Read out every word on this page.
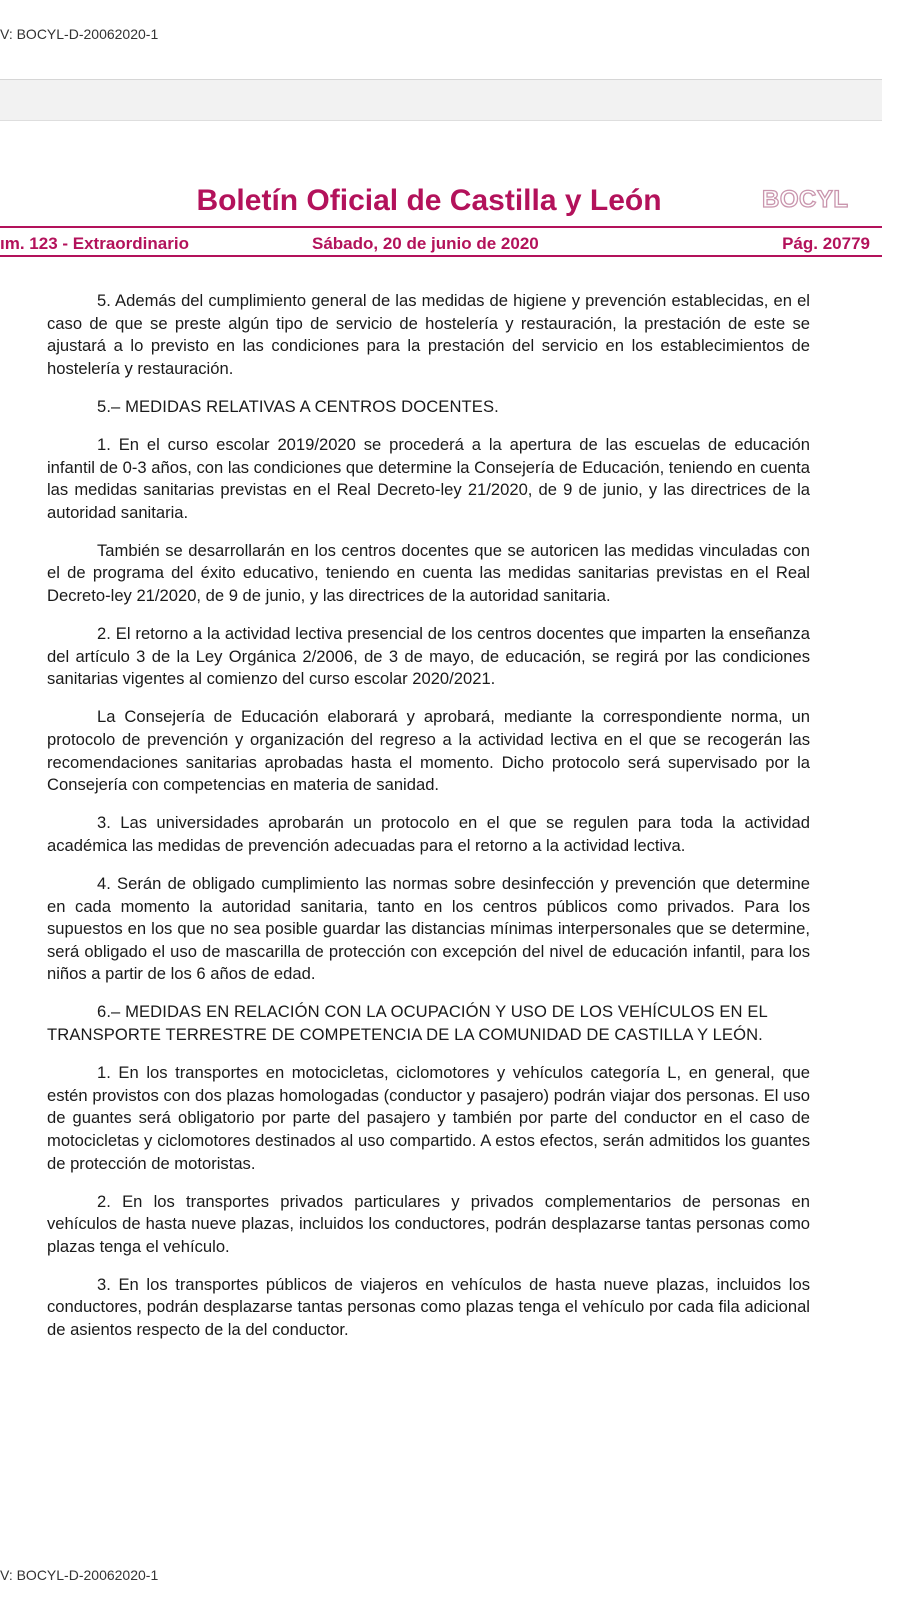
V: BOCYL-D-20062020-1
Boletín Oficial de Castilla y León	BOCYL
ım. 123 - Extraordinario	Sábado, 20 de junio de 2020	Pág. 20779

5. Además del cumplimiento general de las medidas de higiene y prevención establecidas, en el caso de que se preste algún tipo de servicio de hostelería y restauración, la prestación de este se ajustará a lo previsto en las condiciones para la prestación del servicio en los establecimientos de hostelería y restauración.

5.– MEDIDAS RELATIVAS A CENTROS DOCENTES.

1. En el curso escolar 2019/2020 se procederá a la apertura de las escuelas de educación infantil de 0-3 años, con las condiciones que determine la Consejería de Educación, teniendo en cuenta las medidas sanitarias previstas en el Real Decreto-ley 21/2020, de 9 de junio, y las directrices de la autoridad sanitaria.

También se desarrollarán en los centros docentes que se autoricen las medidas vinculadas con el de programa del éxito educativo, teniendo en cuenta las medidas sanitarias previstas en el Real Decreto-ley 21/2020, de 9 de junio, y las directrices de la autoridad sanitaria.

2. El retorno a la actividad lectiva presencial de los centros docentes que imparten la enseñanza del artículo 3 de la Ley Orgánica 2/2006, de 3 de mayo, de educación, se regirá por las condiciones sanitarias vigentes al comienzo del curso escolar 2020/2021.

La Consejería de Educación elaborará y aprobará, mediante la correspondiente norma, un protocolo de prevención y organización del regreso a la actividad lectiva en el que se recogerán las recomendaciones sanitarias aprobadas hasta el momento. Dicho protocolo será supervisado por la Consejería con competencias en materia de sanidad.

3. Las universidades aprobarán un protocolo en el que se regulen para toda la actividad académica las medidas de prevención adecuadas para el retorno a la actividad lectiva.

4. Serán de obligado cumplimiento las normas sobre desinfección y prevención que determine en cada momento la autoridad sanitaria, tanto en los centros públicos como privados. Para los supuestos en los que no sea posible guardar las distancias mínimas interpersonales que se determine, será obligado el uso de mascarilla de protección con excepción del nivel de educación infantil, para los niños a partir de los 6 años de edad.

6.– MEDIDAS EN RELACIÓN CON LA OCUPACIÓN Y USO DE LOS VEHÍCULOS EN EL TRANSPORTE TERRESTRE DE COMPETENCIA DE LA COMUNIDAD DE CASTILLA Y LEÓN.

1. En los transportes en motocicletas, ciclomotores y vehículos categoría L, en general, que estén provistos con dos plazas homologadas (conductor y pasajero) podrán viajar dos personas. El uso de guantes será obligatorio por parte del pasajero y también por parte del conductor en el caso de motocicletas y ciclomotores destinados al uso compartido. A estos efectos, serán admitidos los guantes de protección de motoristas.

2. En los transportes privados particulares y privados complementarios de personas en vehículos de hasta nueve plazas, incluidos los conductores, podrán desplazarse tantas personas como plazas tenga el vehículo.

3. En los transportes públicos de viajeros en vehículos de hasta nueve plazas, incluidos los conductores, podrán desplazarse tantas personas como plazas tenga el vehículo por cada fila adicional de asientos respecto de la del conductor.

V: BOCYL-D-20062020-1
